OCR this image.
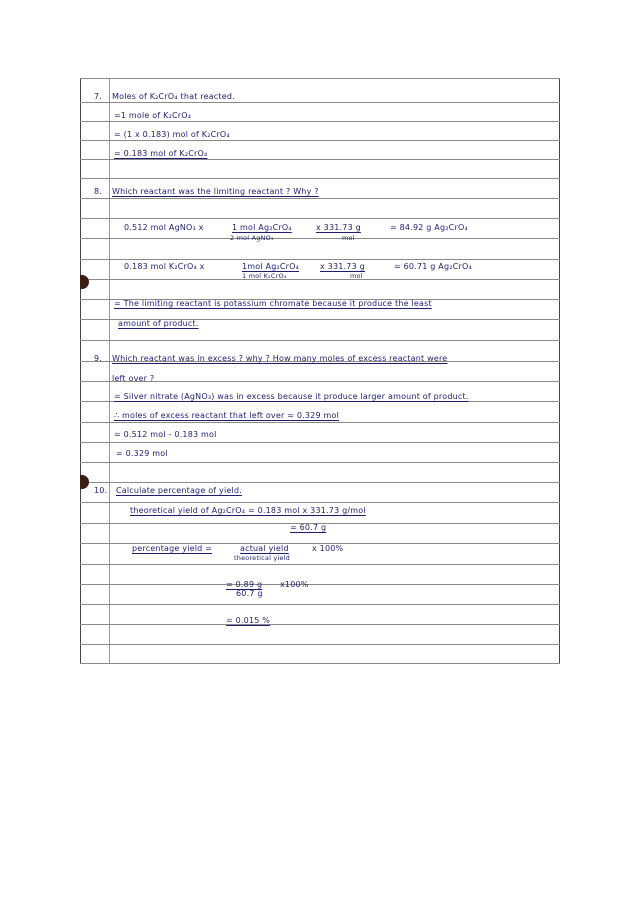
7. Moles of K₂CrO₄ that reacted.
=1 mole of K₂CrO₄
= (1 x 0.183) mol of K₂CrO₄
= 0.183 mol of K₂CrO₄
8. Which reactant was the limiting reactant ? Why ?
0.512 mol AgNO₃ x	1 mol Ag₂CrO₄
2 mol AgNO₃
x 331.73 g
mol
= 84.92 g Ag₂CrO₄
0.183 mol K₂CrO₄ x	1mol Ag₂CrO₄
1 mol K₂CrO₄
x 331.73 g
mol
= 60.71 g Ag₂CrO₄
= The limiting reactant is potassium chromate because it produce the least
amount of product.
9. Which reactant was in excess ? why ? How many moles of excess reactant were
left over ?
= Silver nitrate (AgNO₃) was in excess because it produce larger amount of product.
∴ moles of excess reactant that left over = 0.329 mol
= 0.512 mol - 0.183 mol
= 0.329 mol
10. Calculate percentage of yield.
theoretical yield of Ag₂CrO₄ = 0.183 mol x 331.73 g/mol
= 60.7 g
percentage yield =	actual yield
theoretical yield
x 100%
= 0.89 g
60.7 g
x100%
= 0.015 %
